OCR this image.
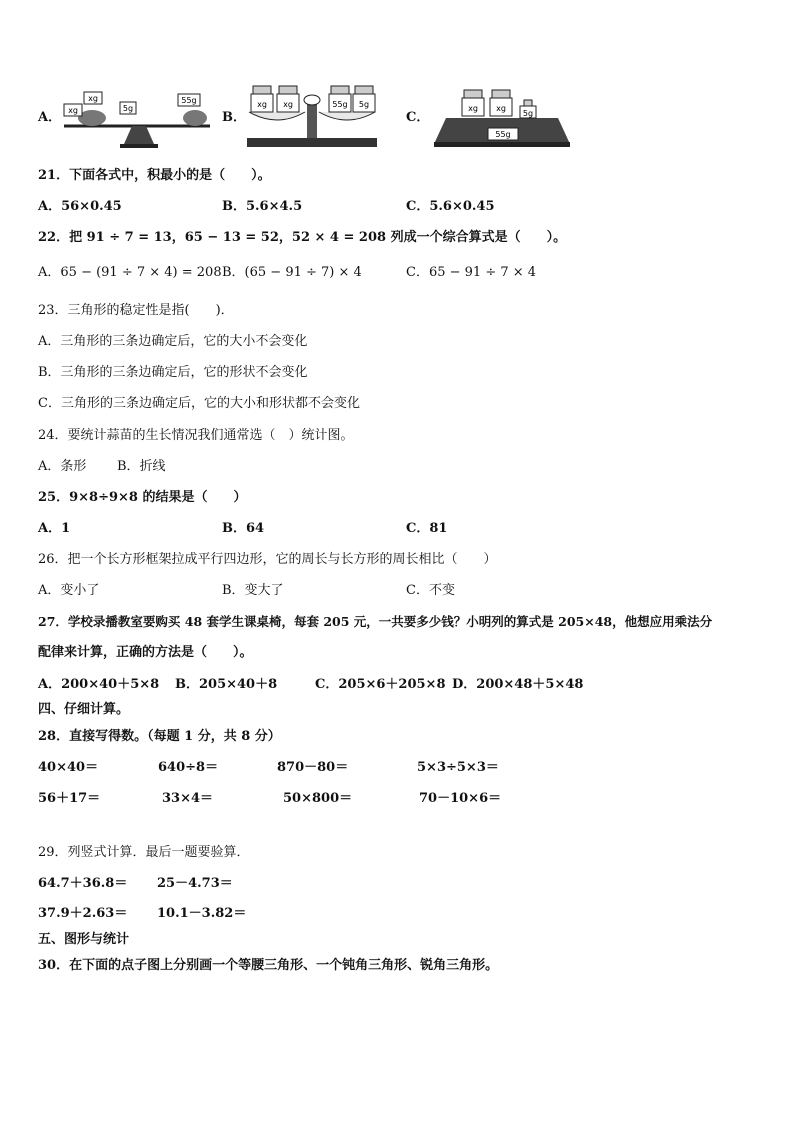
A． xg
xg
5g
55g
B．
xg xg	55g 5g
C．
xg xg
5g
55g
21．下面各式中，积最小的是（　　）。
A．56×0.45	B．5.6×4.5	C．5.6×0.45
22．把 91 ÷ 7 = 13，65 − 13 = 52，52 × 4 = 208 列成一个综合算式是（　　）。
A．65 − (91 ÷ 7 × 4) = 208 B．(65 − 91 ÷ 7) × 4	C．65 − 91 ÷ 7 × 4
23．三角形的稳定性是指(　　)．
A．三角形的三条边确定后，它的大小不会变化
B．三角形的三条边确定后，它的形状不会变化
C．三角形的三条边确定后，它的大小和形状都不会变化
24．要统计蒜苗的生长情况我们通常选（　）统计图。
A．条形 B．折线
25．9×8÷9×8 的结果是（　　）
A．1	B．64	C．81
26．把一个长方形框架拉成平行四边形，它的周长与长方形的周长相比（　　）
A．变小了	B．变大了	C．不变
27．学校录播教室要购买 48 套学生课桌椅，每套 205 元，一共要多少钱？小明列的算式是 205×48，他想应用乘法分
配律来计算，正确的方法是（　　）。
A．200×40＋5×8 B．205×40＋8	C．205×6＋205×8 D．200×48＋5×48
四、仔细计算。
28．直接写得数。（每题 1 分，共 8 分）
40×40＝	640÷8＝	870－80＝	5×3÷5×3＝
56＋17＝	33×4＝	50×800＝	70－10×6＝
29．列竖式计算．最后一题要验算．
64.7＋36.8＝ 25－4.73＝
37.9＋2.63＝ 10.1－3.82＝
五、图形与统计
30．在下面的点子图上分别画一个等腰三角形、一个钝角三角形、锐角三角形。
